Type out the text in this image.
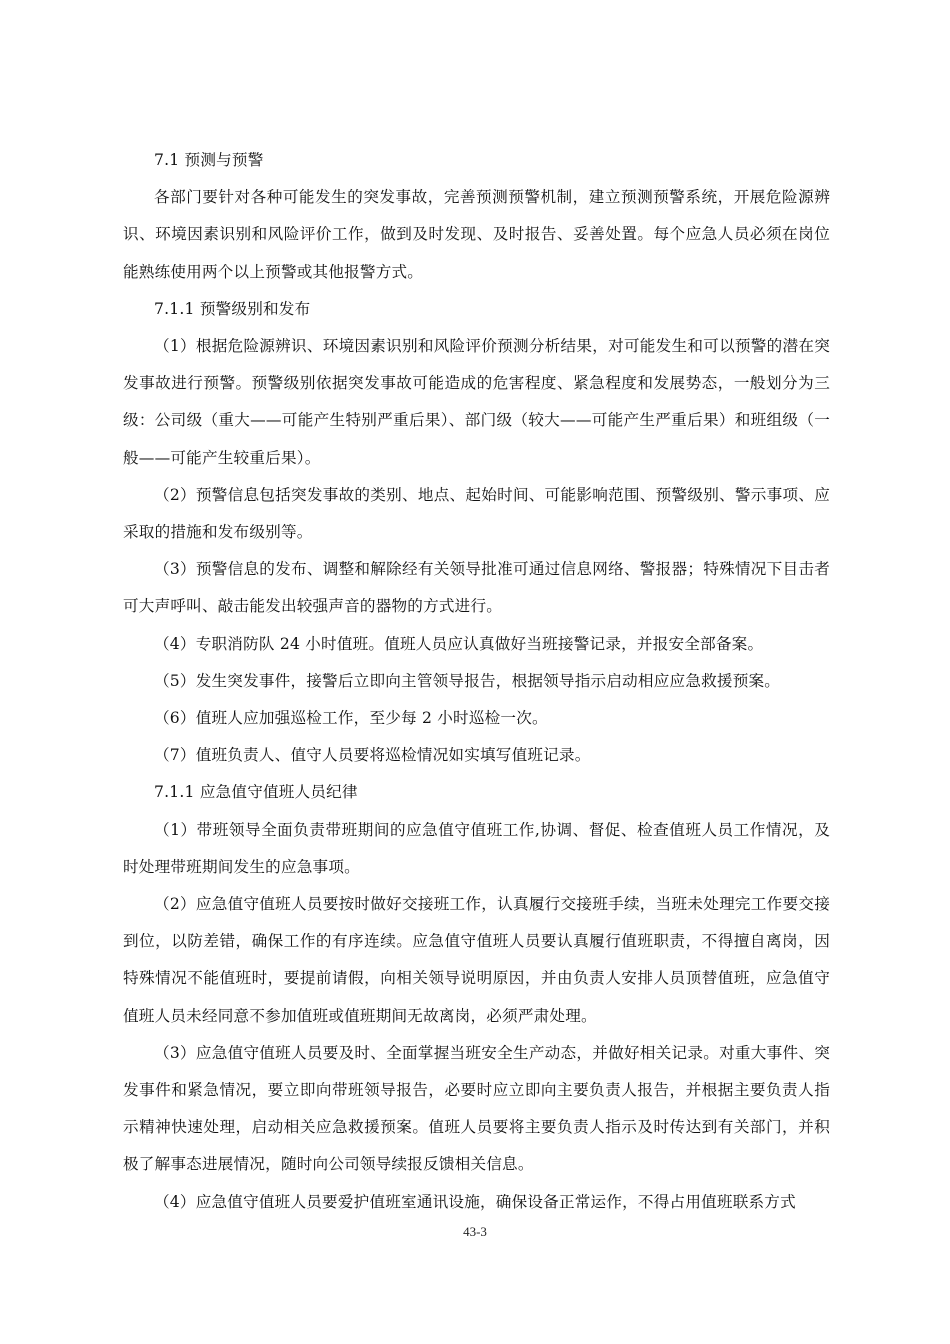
7.1 预测与预警

各部门要针对各种可能发生的突发事故，完善预测预警机制，建立预测预警系统，开展危险源辨识、环境因素识别和风险评价工作，做到及时发现、及时报告、妥善处置。每个应急人员必须在岗位能熟练使用两个以上预警或其他报警方式。

7.1.1 预警级别和发布

（1）根据危险源辨识、环境因素识别和风险评价预测分析结果，对可能发生和可以预警的潜在突发事故进行预警。预警级别依据突发事故可能造成的危害程度、紧急程度和发展势态，一般划分为三级：公司级（重大——可能产生特别严重后果）、部门级（较大——可能产生严重后果）和班组级（一般——可能产生较重后果）。

（2）预警信息包括突发事故的类别、地点、起始时间、可能影响范围、预警级别、警示事项、应采取的措施和发布级别等。

（3）预警信息的发布、调整和解除经有关领导批准可通过信息网络、警报器；特殊情况下目击者可大声呼叫、敲击能发出较强声音的器物的方式进行。

（4）专职消防队 24 小时值班。值班人员应认真做好当班接警记录，并报安全部备案。

（5）发生突发事件，接警后立即向主管领导报告，根据领导指示启动相应应急救援预案。

（6）值班人应加强巡检工作，至少每 2 小时巡检一次。

（7）值班负责人、值守人员要将巡检情况如实填写值班记录。

7.1.1 应急值守值班人员纪律

（1）带班领导全面负责带班期间的应急值守值班工作,协调、督促、检查值班人员工作情况，及时处理带班期间发生的应急事项。

（2）应急值守值班人员要按时做好交接班工作，认真履行交接班手续，当班未处理完工作要交接到位，以防差错，确保工作的有序连续。应急值守值班人员要认真履行值班职责，不得擅自离岗，因特殊情况不能值班时，要提前请假，向相关领导说明原因，并由负责人安排人员顶替值班，应急值守值班人员未经同意不参加值班或值班期间无故离岗，必须严肃处理。

（3）应急值守值班人员要及时、全面掌握当班安全生产动态，并做好相关记录。对重大事件、突发事件和紧急情况，要立即向带班领导报告，必要时应立即向主要负责人报告，并根据主要负责人指示精神快速处理，启动相关应急救援预案。值班人员要将主要负责人指示及时传达到有关部门，并积极了解事态进展情况，随时向公司领导续报反馈相关信息。

（4）应急值守值班人员要爱护值班室通讯设施，确保设备正常运作，不得占用值班联系方式

43-3
